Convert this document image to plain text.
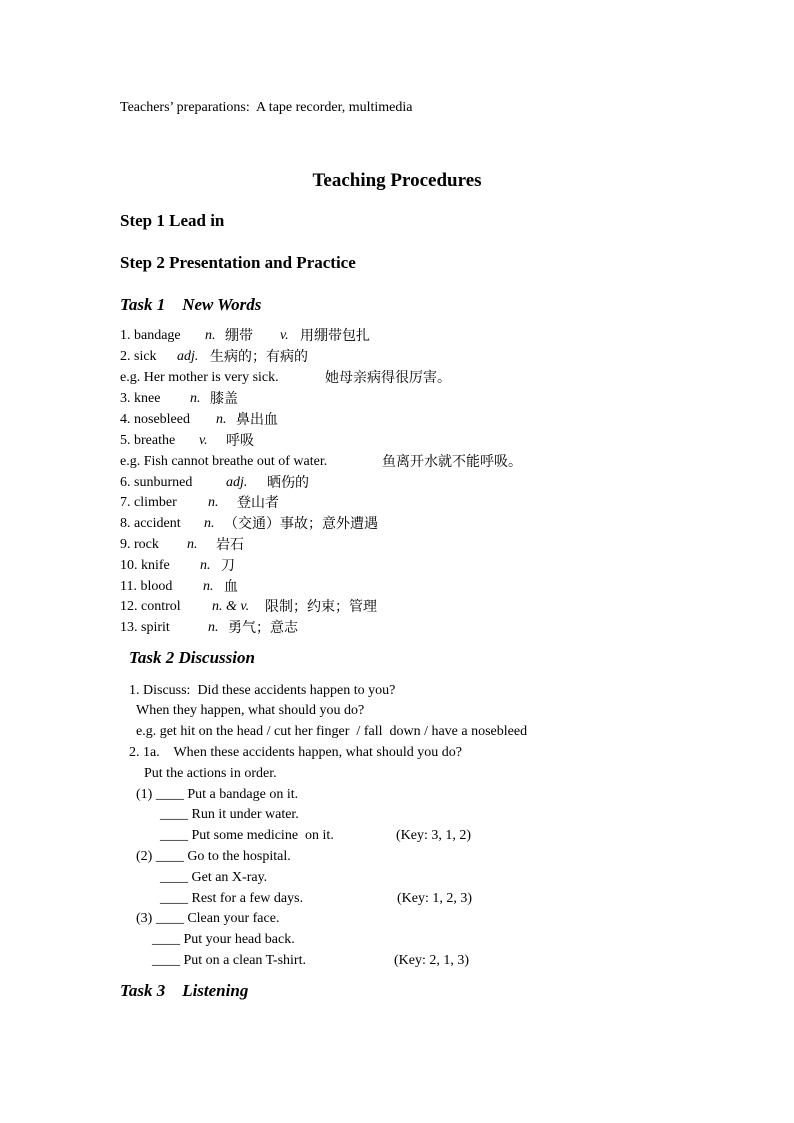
Teachers’ preparations:  A tape recorder, multimedia
Teaching Procedures
Step 1 Lead in
Step 2 Presentation and Practice
Task 1    New Words
1. bandage n. 绷带 v. 用绷带包扎
2. sick adj. 生病的；有病的
e.g. Her mother is very sick.	她母亲病得很厉害。
3. knee n. 膝盖
4. nosebleed n. 鼻出血
5. breathe v. 呼吸
e.g. Fish cannot breathe out of water.	鱼离开水就不能呼吸。
6. sunburned adj. 晒伤的
7. climber n. 登山者
8. accident n. （交通）事故；意外遭遇
9. rock n. 岩石
10. knife n. 刀
11. blood n. 血
12. control n. & v. 限制；约束；管理
13. spirit	n. 勇气；意志
Task 2 Discussion
1. Discuss:  Did these accidents happen to you?
When they happen, what should you do?
e.g. get hit on the head / cut her finger  / fall  down / have a nosebleed
2. 1a.    When these accidents happen, what should you do?
Put the actions in order.
(1) ____ Put a bandage on it.
____ Run it under water.
____ Put some medicine  on it.	(Key: 3, 1, 2)
(2) ____ Go to the hospital.
____ Get an X-ray.
____ Rest for a few days.	(Key: 1, 2, 3)
(3) ____ Clean your face.
____ Put your head back.
____ Put on a clean T-shirt.	(Key: 2, 1, 3)
Task 3    Listening
